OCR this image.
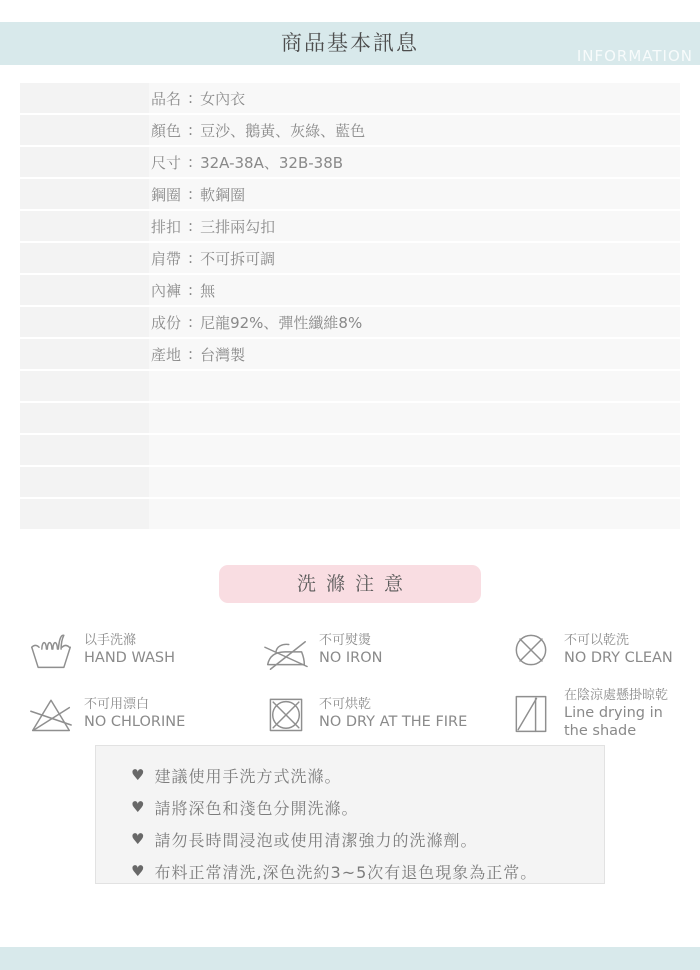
商品基本訊息
INFORMATION
品名 : 女內衣
顏色 : 豆沙、鵝黃、灰綠、藍色
尺寸 : 32A-38A、32B-38B
鋼圈 : 軟鋼圈
排扣 : 三排兩勾扣
肩帶 : 不可拆可調
內褲 : 無
成份 : 尼龍92%、彈性纖維8%
產地 : 台灣製
洗滌注意
以手洗滌
HAND WASH
不可熨燙
NO IRON
不可以乾洗
NO DRY CLEAN
不可用漂白
NO CHLORINE
不可烘乾
NO DRY AT THE FIRE
在陰涼處懸掛晾乾
Line drying in the shade
♥ 建議使用手洗方式洗滌。
♥ 請將深色和淺色分開洗滌。
♥ 請勿長時間浸泡或使用清潔強力的洗滌劑。
♥ 布料正常清洗,深色洗約3~5次有退色現象為正常。
